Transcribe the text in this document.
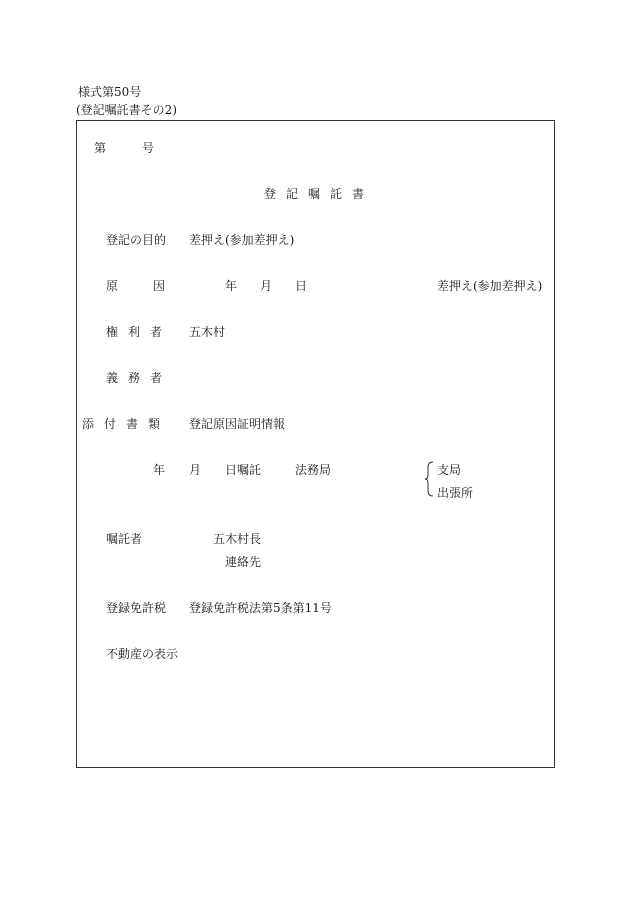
様式第50号
(登記嘱託書その2)
第	号
登記嘱託書
登記の目的 差押え(参加差押え)
原	因	年 月 日	差押え(参加差押え)
権利者 五木村
義務者
添付書類 登記原因証明情報
年 月 日嘱託	法務局	支局
出張所
嘱託者	五木村長
連絡先
登録免許税 登録免許税法第5条第11号
不動産の表示
